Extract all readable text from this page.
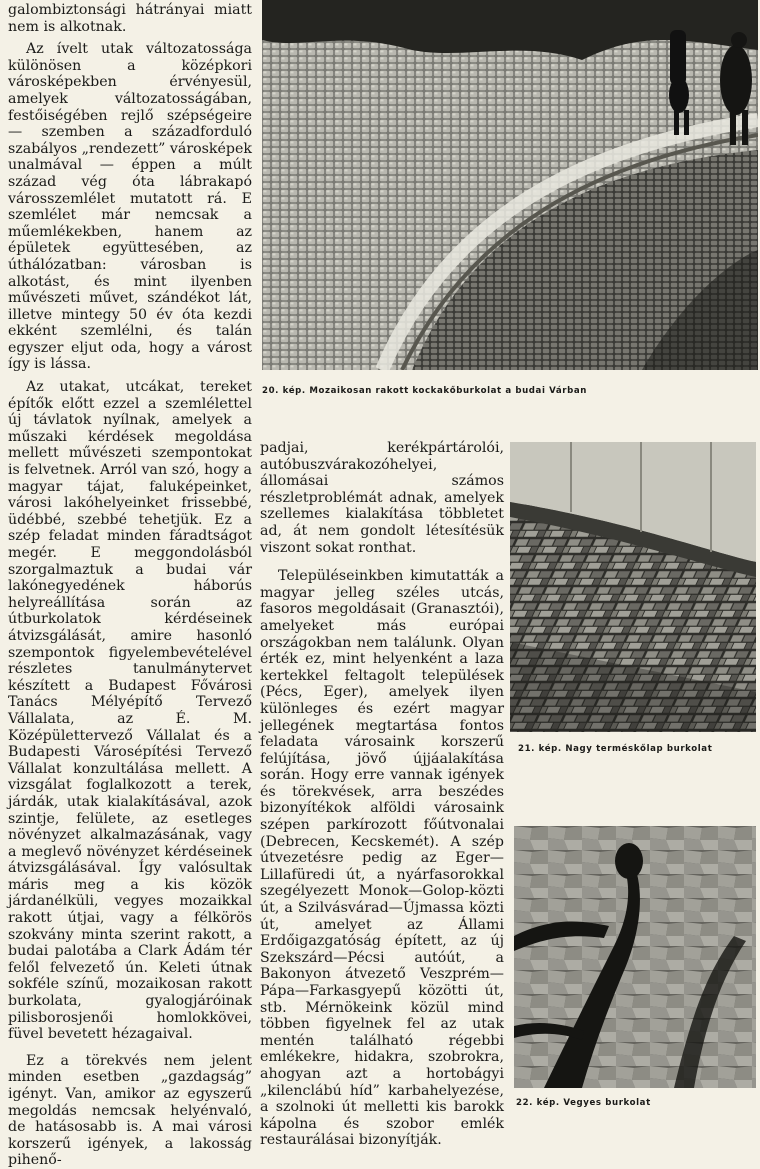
galombiztonsági hátrányai miatt nem is alkotnak.

Az ívelt utak változatossága különösen a középkori városképekben érvényesül, amelyek változatosságában, festőiségében rejlő szépségeire — szemben a századforduló szabályos „rendezett” városképek unalmával — éppen a múlt század vég óta lábrakapó városszemlélet mutatott rá. E szemlélet már nemcsak a műemlékekben, hanem az épületek együttesében, az úthálózatban: városban is alkotást, és mint ilyenben művészeti művet, szándékot lát, illetve mintegy 50 év óta kezdi ekként szemlélni, és talán egyszer eljut oda, hogy a várost így is lássa.

Az utakat, utcákat, tereket építők előtt ezzel a szemlélettel új távlatok nyílnak, amelyek a műszaki kérdések megoldása mellett művészeti szempontokat is felvetnek. Arról van szó, hogy a magyar tájat, faluképeinket, városi lakóhelyeinket frissebbé, üdébbé, szebbé tehetjük. Ez a szép feladat minden fáradtságot megér. E meggondolásból szorgalmaztuk a budai vár lakónegyedének háborús helyreállítása során az útburkolatok kérdéseinek átvizsgálását, amire hasonló szempontok figyelembevételével részletes tanulmánytervet készített a Budapest Fővárosi Tanács Mélyépítő Tervező Vállalata, az É. M. Középülettervező Vállalat és a Budapesti Városépítési Tervező Vállalat konzultálása mellett. A vizsgálat foglalkozott a terek, járdák, utak kialakításával, azok szintje, felülete, az esetleges növényzet alkalmazásának, vagy a meglevő növényzet kérdéseinek átvizsgálásával. Így valósultak máris meg a kis közök járdanélküli, vegyes mozaikkal rakott útjai, vagy a félkörös szokvány minta szerint rakott, a budai palotába a Clark Ádám tér felől felvezető ún. Keleti útnak sokféle színű, mozaikosan rakott burkolata, gyalogjáróinak pilisborosjenői homlokkövei, füvel bevetett hézagaival.

Ez a törekvés nem jelent minden esetben „gazdagság” igényt. Van, amikor az egyszerű megoldás nemcsak helyénvaló, de hatásosabb is. A mai városi korszerű igények, a lakosság pihenő-

padjai, kerékpártárolói, autóbuszvárakozóhelyei, állomásai számos részletproblémát adnak, amelyek szellemes kialakítása többletet ad, át nem gondolt létesítésük viszont sokat ronthat.

Településeinkben kimutatták a magyar jelleg széles utcás, fasoros megoldásait (Granasztói), amelyeket más európai országokban nem találunk. Olyan érték ez, mint helyenként a laza kertekkel feltagolt települések (Pécs, Eger), amelyek ilyen különleges és ezért magyar jellegének megtartása fontos feladata városaink korszerű felújítása, jövő újjáalakítása során. Hogy erre vannak igények és törekvések, arra beszédes bizonyítékok alföldi városaink szépen parkírozott főútvonalai (Debrecen, Kecskemét). A szép útvezetésre pedig az Eger—Lillafüredi út, a nyárfasorokkal szegélyezett Monok—Golop-közti út, a Szilvásvárad—Újmassa közti út, amelyet az Állami Erdőigazgatóság épített, az új Szekszárd—Pécsi autóút, a Bakonyon átvezető Veszprém—Pápa—Farkasgyepű közötti út, stb. Mérnökeink közül mind többen figyelnek fel az utak mentén található régebbi emlékekre, hidakra, szobrokra, ahogyan azt a hortobágyi „kilenclábú híd” karbahelyezése, a szolnoki út melletti kis barokk kápolna és szobor emlék restaurálásai bizonyítják.

20. kép. Mozaikosan rakott kockakőburkolat a budai Várban
21. kép. Nagy terméskőlap burkolat
22. kép. Vegyes burkolat
